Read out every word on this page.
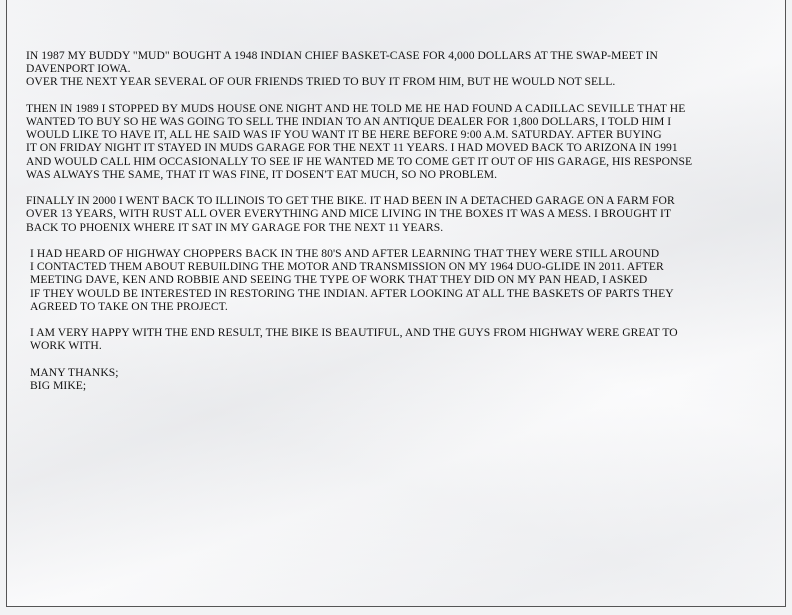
IN 1987 MY BUDDY "MUD" BOUGHT A 1948 INDIAN CHIEF BASKET-CASE FOR 4,000 DOLLARS AT THE SWAP-MEET IN
DAVENPORT IOWA.
OVER THE NEXT YEAR SEVERAL OF OUR FRIENDS TRIED TO BUY IT FROM HIM, BUT HE WOULD NOT SELL.

THEN IN 1989 I STOPPED BY MUDS HOUSE ONE NIGHT AND HE TOLD ME HE HAD FOUND A CADILLAC SEVILLE THAT HE
WANTED TO BUY SO HE WAS GOING TO SELL THE INDIAN TO AN ANTIQUE DEALER FOR 1,800 DOLLARS, I TOLD HIM I
WOULD LIKE TO HAVE IT, ALL HE SAID WAS IF YOU WANT IT BE HERE BEFORE 9:00 A.M. SATURDAY. AFTER BUYING
IT ON FRIDAY NIGHT IT STAYED IN MUDS GARAGE FOR THE NEXT 11 YEARS. I HAD MOVED BACK TO ARIZONA IN 1991
AND WOULD CALL HIM OCCASIONALLY TO SEE IF HE WANTED ME TO COME GET IT OUT OF HIS GARAGE, HIS RESPONSE
WAS ALWAYS THE SAME, THAT IT WAS FINE, IT DOSEN'T EAT MUCH, SO NO PROBLEM.

FINALLY IN 2000 I WENT BACK TO ILLINOIS TO GET THE BIKE. IT HAD BEEN IN A DETACHED GARAGE ON A FARM FOR
OVER 13 YEARS, WITH RUST ALL OVER EVERYTHING AND MICE LIVING IN THE BOXES IT WAS A MESS. I BROUGHT IT
BACK TO PHOENIX WHERE IT SAT IN MY GARAGE FOR THE NEXT 11 YEARS.

I HAD HEARD OF HIGHWAY CHOPPERS BACK IN THE 80'S AND AFTER LEARNING THAT THEY WERE STILL AROUND
I CONTACTED THEM ABOUT REBUILDING THE MOTOR AND TRANSMISSION ON MY 1964 DUO-GLIDE IN 2011. AFTER
MEETING DAVE, KEN AND ROBBIE AND SEEING THE TYPE OF WORK THAT THEY DID ON MY PAN HEAD, I ASKED
IF THEY WOULD BE INTERESTED IN RESTORING THE INDIAN. AFTER LOOKING AT ALL THE BASKETS OF PARTS THEY
AGREED TO TAKE ON THE PROJECT.

I AM VERY HAPPY WITH THE END RESULT, THE BIKE IS BEAUTIFUL, AND THE GUYS FROM HIGHWAY WERE GREAT TO
WORK WITH.

MANY THANKS;
BIG MIKE;
